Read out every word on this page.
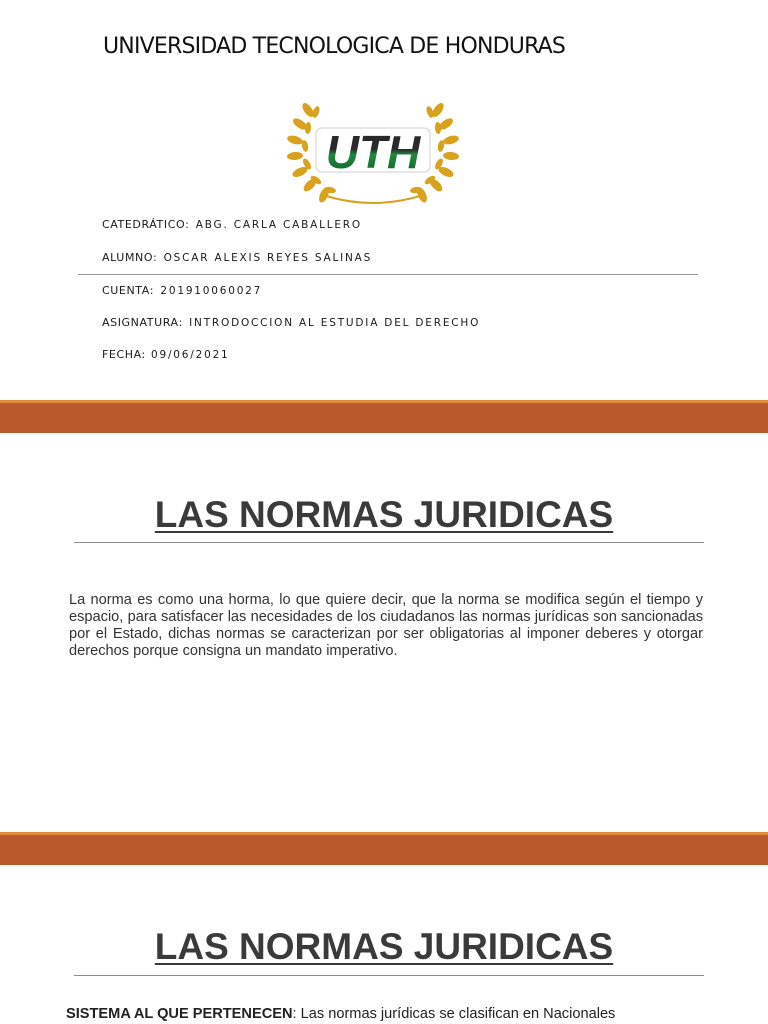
UNIVERSIDAD TECNOLOGICA DE HONDURAS
UTH
CATEDRÁTICO: ABG. CARLA CABALLERO
ALUMNO: OSCAR ALEXIS REYES SALINAS
CUENTA: 201910060027
ASIGNATURA: INTRODOCCION AL ESTUDIA DEL DERECHO
FECHA: 09/06/2021
LAS NORMAS JURIDICAS
La norma es como una horma, lo que quiere decir, que la norma se modifica según el tiempo y espacio, para satisfacer las necesidades de los ciudadanos las normas jurídicas son sancionadas por el Estado, dichas normas se caracterizan por ser obligatorias al imponer deberes y otorgar derechos porque consigna un mandato imperativo.
LAS NORMAS JURIDICAS
SISTEMA AL QUE PERTENECEN: Las normas jurídicas se clasifican en Nacionales
